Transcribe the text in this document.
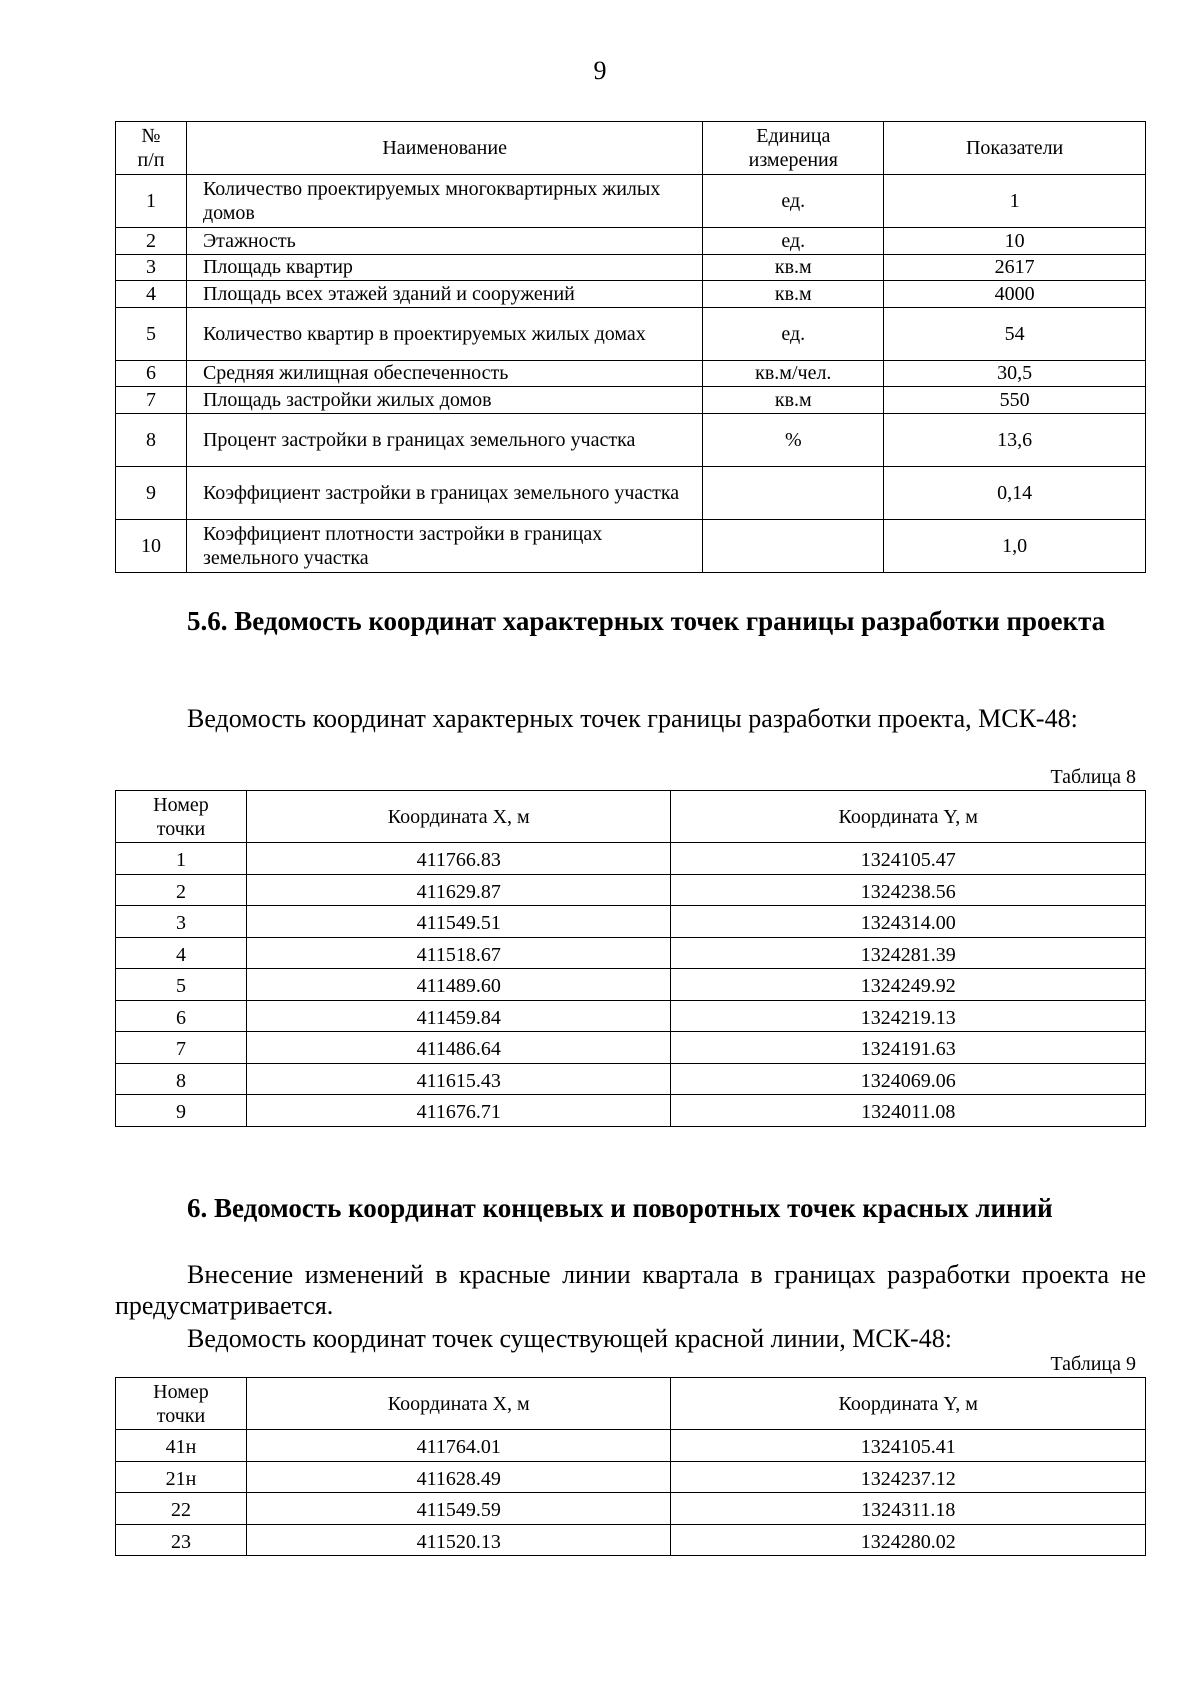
9
№ п/п	Наименование	Единица измерения	Показатели
1	Количество проектируемых многоквартирных жилых домов	ед.	1
2	Этажность	ед.	10
3	Площадь квартир	кв.м	2617
4	Площадь всех этажей зданий и сооружений	кв.м	4000
5	Количество квартир в проектируемых жилых домах	ед.	54
6	Средняя жилищная обеспеченность	кв.м/чел.	30,5
7	Площадь застройки жилых домов	кв.м	550
8	Процент застройки в границах земельного участка	%	13,6
9	Коэффициент застройки в границах земельного участка		0,14
10	Коэффициент плотности застройки в границах земельного участка		1,0
5.6. Ведомость координат характерных точек границы разработки проекта
Ведомость координат характерных точек границы разработки проекта, МСК-48:
Таблица 8
Номер точки	Координата X, м	Координата Y, м
1	411766.83	1324105.47
2	411629.87	1324238.56
3	411549.51	1324314.00
4	411518.67	1324281.39
5	411489.60	1324249.92
6	411459.84	1324219.13
7	411486.64	1324191.63
8	411615.43	1324069.06
9	411676.71	1324011.08
6. Ведомость координат концевых и поворотных точек красных линий
Внесение изменений в красные линии квартала в границах разработки проекта не предусматривается.
Ведомость координат точек существующей красной линии, МСК-48:
Таблица 9
Номер точки	Координата X, м	Координата Y, м
41н	411764.01	1324105.41
21н	411628.49	1324237.12
22	411549.59	1324311.18
23	411520.13	1324280.02
